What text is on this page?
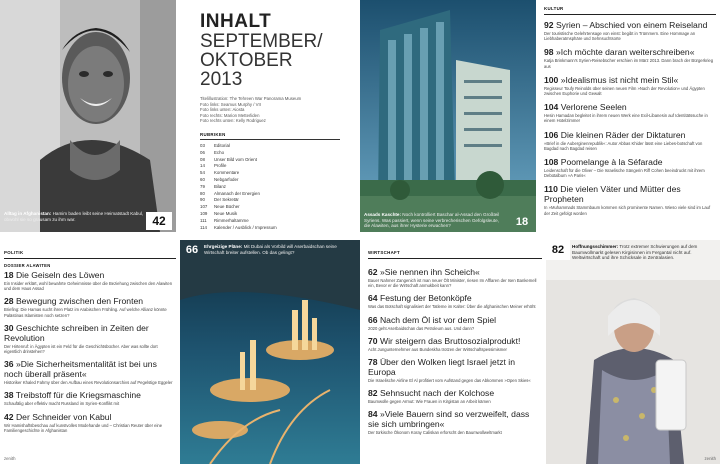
Alltag in Afghanistan: Hamim baden leibt seine Heimatstadt Kabul, obwohl sie so grausam zu ihm war.	42
INHALT
SEPTEMBER/
OKTOBER
2013
Titelillustration: The Tehreen War Panorama Museum
Foto links: Seamus Murphy / VII
Foto links unten: Aiosta
Foto rechts: Marion Metterliden
Foto rechts unten: Kelly Rodriguez
RUBRIKEN
03	Editorial
06	Echo
08	Unser Bild vom Orient
14	Profile
54	Kommentare
60	Nebgarfoder
79	Bilanz
80	Almanach der Energien
90	Der Sekretär
107	Neue Bücher
109	Neue Musik
111	Rimmerhaltamme
114	Kalender / Ausblick / Impressum
Assads Kaschte: Noch kontrolliert Baschar al-Assad den Großteil Syriens. Was passiert, wenn seine verbrecherischen Gefolgsleute, die Alawiten, aus ihrer Hysterie erwachen?	18
KULTUR
92 Syrien – Abschied von einem Reiseland
Der touristische Gelehrtensage von einst: begibt in Trümmern. Eine Hommage an Liebhaberatmsphäre und Sehnsuchtsorte
98 »Ich möchte daran weiterschreiben«
Katja Brinkmann's Syrien-Reisebücher erschien im März 2013. Dann brach der Bürgerkrieg aus
100 »Idealismus ist nicht mein Stil«
Regisseur Toufy Reinolds über seinen neuen Film »Nach der Revolution« und Ägypten zwischen Euphorie und Gewalt
104 Verlorene Seelen
Hesin Hamadan begleitet in ihrem neuen Werk eine Exil-Libanesin auf Identitätssuche in einem Hotelzimmer
106 Die kleinen Räder der Diktaturen
»Brief in die Auberginenrepublik«: Autor Abbas Khider lässt eine Liebes-botschaft von Bagdad nach Bagdad reisen
108 Poomelange à la Séfarade
Leidenschaft für die Oliver – Die Israelische Sängerin Riff Cohen beeindruckt mit ihrem Debütalbum »A Paris«
110 Die vielen Väter und Mütter des Propheten
In »Muhammads Stammbaum kommen sich prominente Namen. Wieso viele sind im Lauf der Zeit gefolgt worden
POLITIK
DOSSIER ALAWITEN
18 Die Geiseln des Löwen
Ein Insider erklärt, wohl bewahrte Geheimnisse über die Beziehung zwischen den Alawiten und dem Haus Assad
28 Bewegung zwischen den Fronten
Briefing: Die Hamas sucht ihren Platz im Arabischen Frühling. Auf welche Allianz könnte Palästinas Islamisten noch setzen?
30 Geschichte schreiben in Zeiten der Revolution
Der Hirtenruf: in Ägypten ist ein Feld für die Geschichtsbücher. Aber was sollte dort eigentlich drinstehen?
36 »Die Sicherheitsmentalität ist bei uns noch überall präsent«
Historiker Khaled Fahmy über den Aufbau eines Revolutionsarchivs auf Pegelstige Eggeler
38 Treibstoff für die Kriegsmaschine
Schaufälig aber effektiv macht Russland im Syrien-Konflikt mit
42 Der Schneider von Kabul
Wir Hamishaftsbeschau auf kunstvolles Modehande und – Christian Reuter über eine Familiengeschichte in Afghanistan
zenith
66	Ehrgeizige Pläne: Mit Dubai als Vorbild will Aserbaidschan seine Wirtschaft breiter aufstellen. Ob das gelingt?	WIRTSCHAFT
62 »Sie nennen ihn Scheich«
Bauer Nahmer Zangenich ist man neuer Ölt Minister, riesen Im Afflaren der Isen Bankemell ein, Bevor er die Wirtschaft anmukbeit kann?
64 Festung der Betonköpfe
Was das Botschaft signalisiert der Tatleme im Kalter: Über die afghanischen Meiner erhöht
66 Nach dem Öl ist vor dem Spiel
2020 geht Aserbaidschan das Petroleum aus. Und dann?
70 Wir steigern das Bruttosozialprodukt!
Acht Jungunternehmer aus Bundeskha trotzen der Wirtschaftspessimismer
78 Über den Wolken liegt Israel jetzt in Europa
Die Israelische Airline El Al profitiert vom Aufstand gegen das Abkommen »Open Skies«
82 Sehnsucht nach der Kolchose
Baumwolle gegen Armut: Wie Frauen in Kirgistan an Arbeit kämen
84 »Viele Bauern sind so verzweifelt, dass sie sich umbringen«
Der türkische Ökonom Koray Caliskan erforscht den Baumwollweltmarkt
82	Hoffnungsschimmer: Trotz extremer Schwierungen auf dem Baumwollmarkt gelesen Kirgisinnen im Fergantal nicht auf. Weltwirtschaft und ihre Schicksale in Zentralasien.
zenith
